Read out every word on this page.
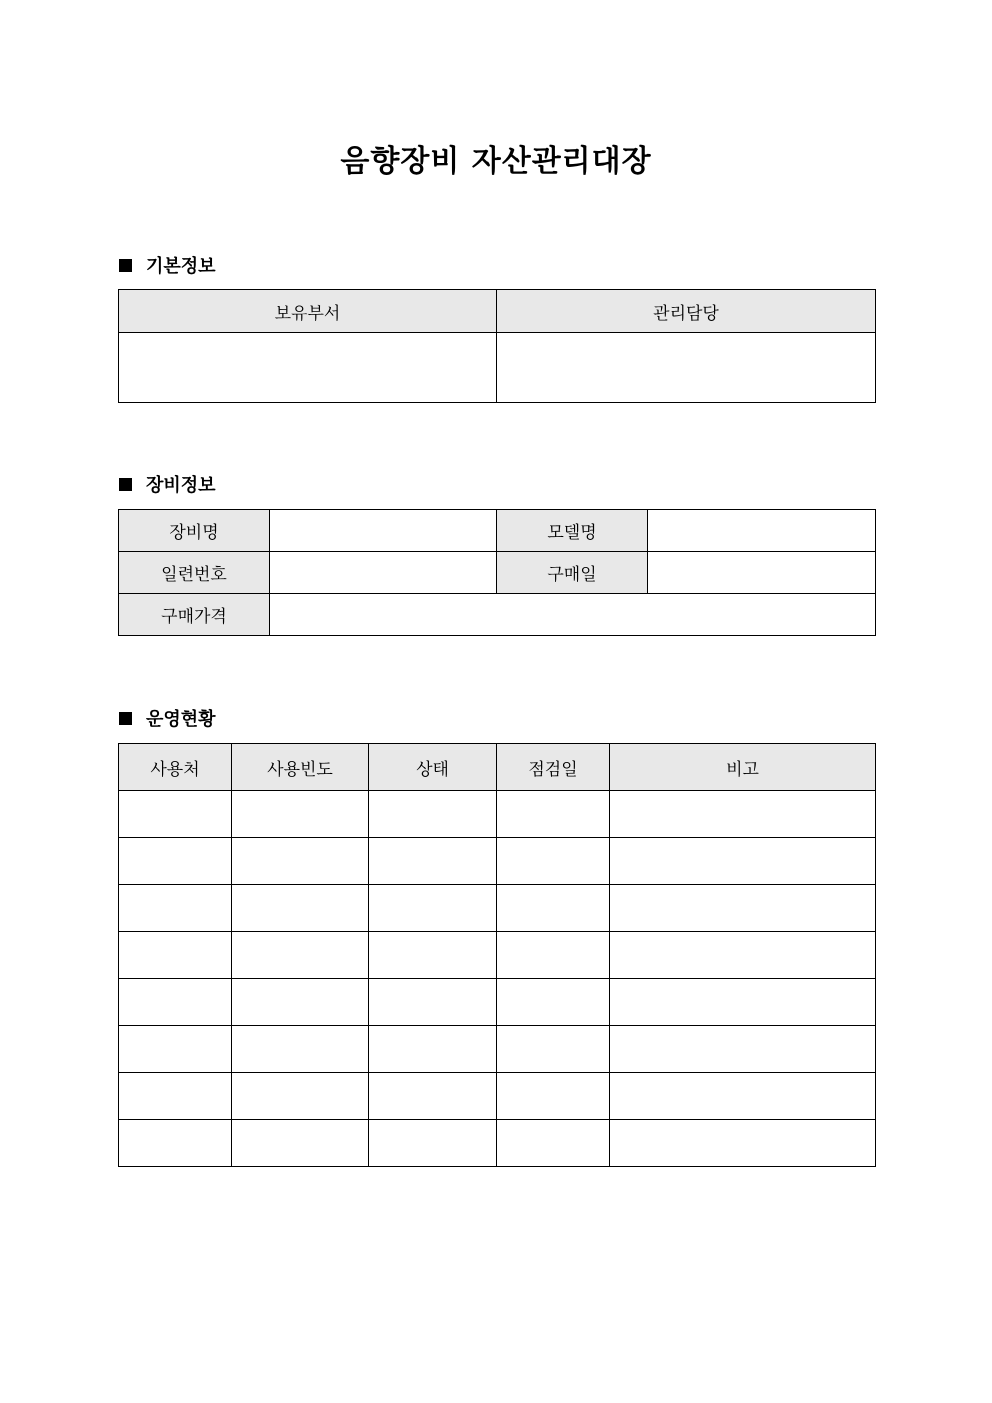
음향장비 자산관리대장
기본정보
보유부서	관리담당

장비정보
장비명		모델명	
일련번호		구매일	
구매가격			
운영현황
사용처	사용빈도	상태	점검일	비고
